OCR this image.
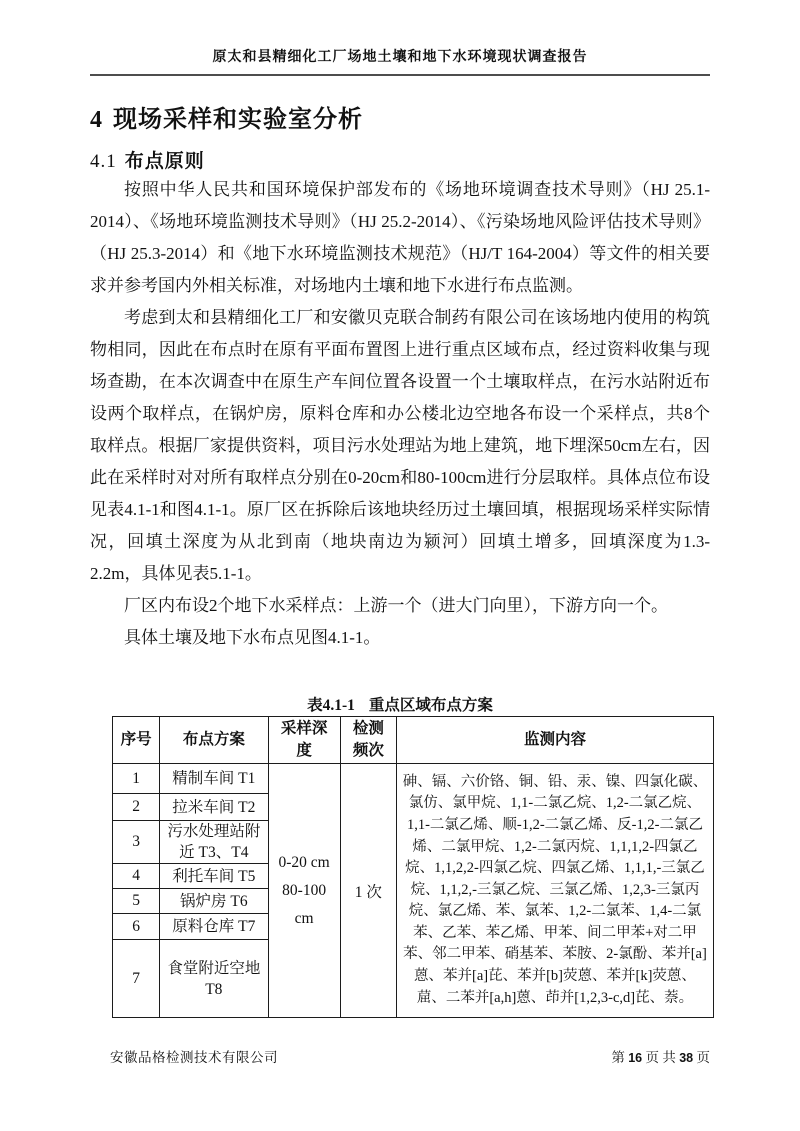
原太和县精细化工厂场地土壤和地下水环境现状调查报告
4 现场采样和实验室分析
4.1 布点原则

按照中华人民共和国环境保护部发布的《场地环境调查技术导则》（HJ 25.1-2014）、《场地环境监测技术导则》（HJ 25.2-2014）、《污染场地风险评估技术导则》（HJ 25.3-2014）和《地下水环境监测技术规范》（HJ/T 164-2004）等文件的相关要求并参考国内外相关标准，对场地内土壤和地下水进行布点监测。

考虑到太和县精细化工厂和安徽贝克联合制药有限公司在该场地内使用的构筑物相同，因此在布点时在原有平面布置图上进行重点区域布点，经过资料收集与现场查勘，在本次调查中在原生产车间位置各设置一个土壤取样点，在污水站附近布设两个取样点，在锅炉房，原料仓库和办公楼北边空地各布设一个采样点，共8个取样点。根据厂家提供资料，项目污水处理站为地上建筑，地下埋深50cm左右，因此在采样时对对所有取样点分别在0-20cm和80-100cm进行分层取样。具体点位布设见表4.1-1和图4.1-1。原厂区在拆除后该地块经历过土壤回填，根据现场采样实际情况，回填土深度为从北到南（地块南边为颍河）回填土增多，回填深度为1.3-2.2m，具体见表5.1-1。

厂区内布设2个地下水采样点：上游一个（进大门向里），下游方向一个。

具体土壤及地下水布点见图4.1-1。

表4.1-1 重点区域布点方案
序号	布点方案	采样深度	检测频次	监测内容
1	精制车间 T1	0-20 cm 80-100 cm	1 次	砷、镉、六价铬、铜、铅、汞、镍、四氯化碳、氯仿、氯甲烷、1,1-二氯乙烷、1,2-二氯乙烷、1,1-二氯乙烯、顺-1,2-二氯乙烯、反-1,2-二氯乙烯、二氯甲烷、1,2-二氯丙烷、1,1,1,2-四氯乙烷、1,1,2,2-四氯乙烷、四氯乙烯、1,1,1,-三氯乙烷、1,1,2,-三氯乙烷、三氯乙烯、1,2,3-三氯丙烷、氯乙烯、苯、氯苯、1,2-二氯苯、1,4-二氯苯、乙苯、苯乙烯、甲苯、间二甲苯+对二甲苯、邻二甲苯、硝基苯、苯胺、2-氯酚、苯并[a]蒽、苯并[a]芘、苯并[b]荧蒽、苯并[k]荧蒽、䓛、二苯并[a,h]蒽、茚并[1,2,3-c,d]芘、萘。
2	拉米车间 T2			
3	污水处理站附近 T3、T4			
4	利托车间 T5			
5	锅炉房 T6			
6	原料仓库 T7			
7	食堂附近空地 T8			
安徽品格检测技术有限公司	第 16 页 共 38 页
